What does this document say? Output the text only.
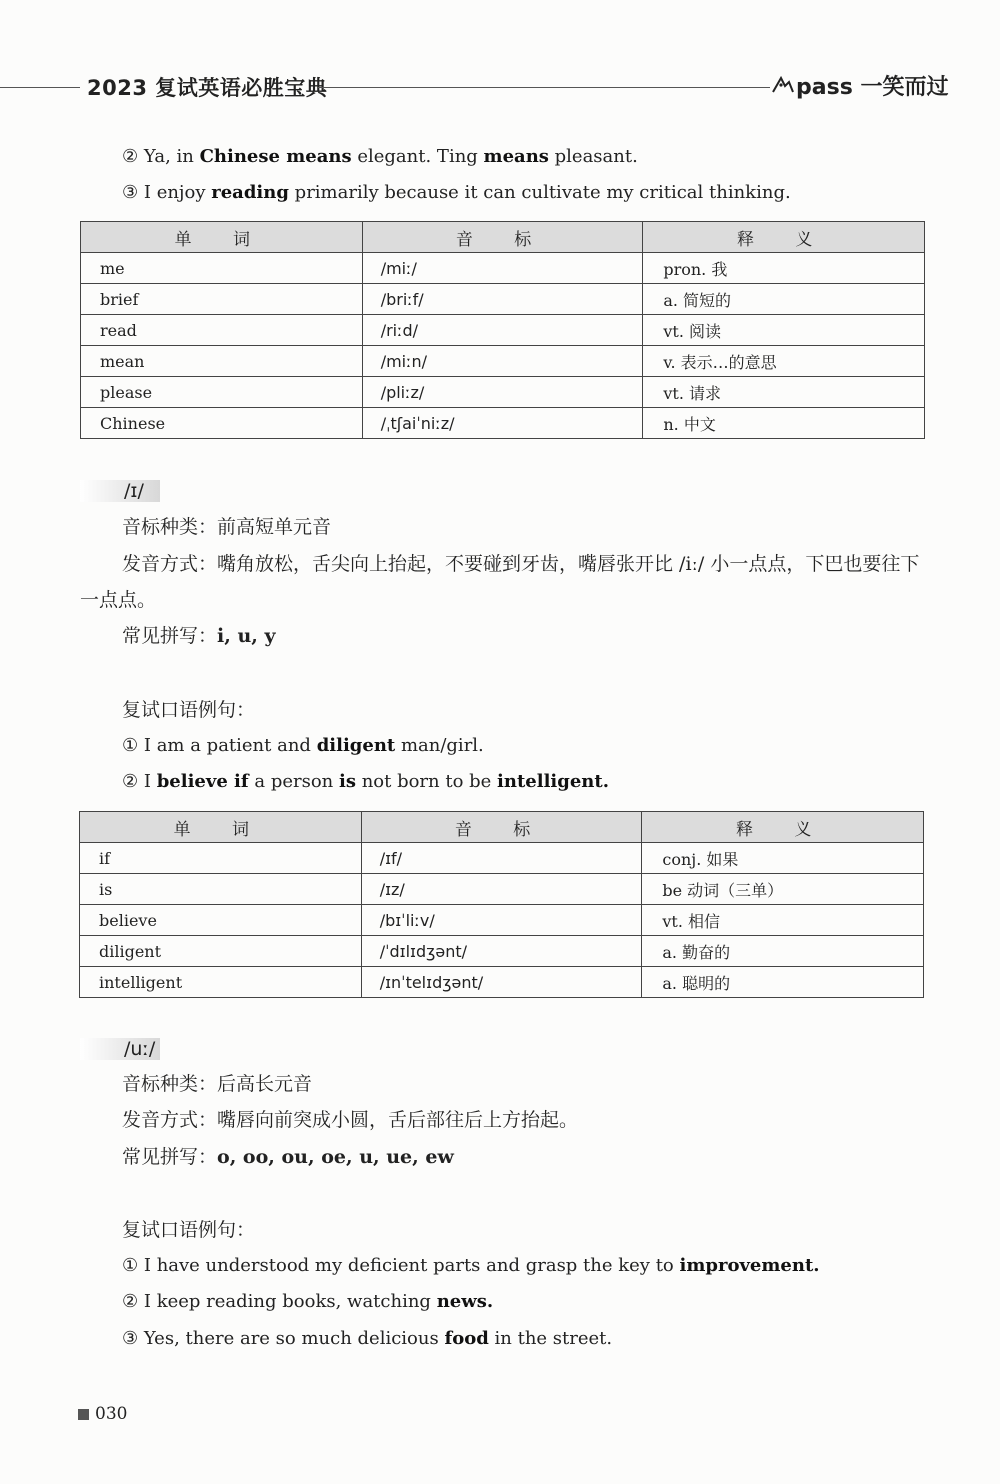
2023 复试英语必胜宝典	pass 一笑而过
② Ya, in Chinese means elegant. Ting means pleasant.
③ I enjoy reading primarily because it can cultivate my critical thinking.
单 词	音 标	释 义
me	/miː/	pron. 我
brief	/briːf/	a. 简短的
read	/riːd/	vt. 阅读
mean	/miːn/	v. 表示…的意思
please	/pliːz/	vt. 请求
Chinese	/ˌtʃaiˈniːz/	n. 中文
/ɪ/
音标种类：前高短单元音
发音方式：嘴角放松，舌尖向上抬起，不要碰到牙齿，嘴唇张开比 /iː/ 小一点点，下巴也要往下一点点。
常见拼写：i, u, y
复试口语例句：
① I am a patient and diligent man/girl.
② I believe if a person is not born to be intelligent.
单 词	音 标	释 义
if	/ɪf/	conj. 如果
is	/ɪz/	be 动词（三单）
believe	/bɪˈliːv/	vt. 相信
diligent	/ˈdɪlɪdʒənt/	a. 勤奋的
intelligent	/ɪnˈtelɪdʒənt/	a. 聪明的
/uː/
音标种类：后高长元音
发音方式：嘴唇向前突成小圆，舌后部往后上方抬起。
常见拼写：o, oo, ou, oe, u, ue, ew
复试口语例句：
① I have understood my deficient parts and grasp the key to improvement.
② I keep reading books, watching news.
③ Yes, there are so much delicious food in the street.
030
